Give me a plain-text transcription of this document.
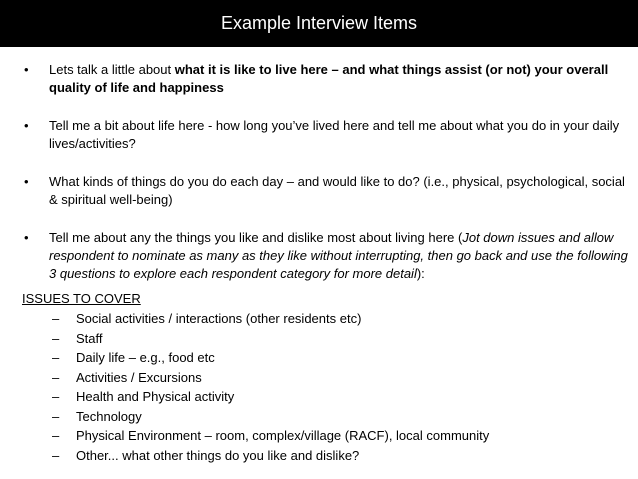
Example Interview Items
• Lets talk a little about what it is like to live here – and what things assist (or not) your overall quality of life and happiness
• Tell me a bit about life here - how long you’ve lived here and tell me about what you do in your daily lives/activities?
• What kinds of things do you do each day – and would like to do? (i.e., physical, psychological, social & spiritual well-being)
• Tell me about any the things you like and dislike most about living here (Jot down issues and allow respondent to nominate as many as they like without interrupting, then go back and use the following 3 questions to explore each respondent category for more detail):
ISSUES TO COVER
– Social activities / interactions (other residents etc)
– Staff
– Daily life – e.g., food etc
– Activities / Excursions
– Health and Physical activity
– Technology
– Physical Environment – room, complex/village (RACF), local community
– Other... what other things do you like and dislike?
